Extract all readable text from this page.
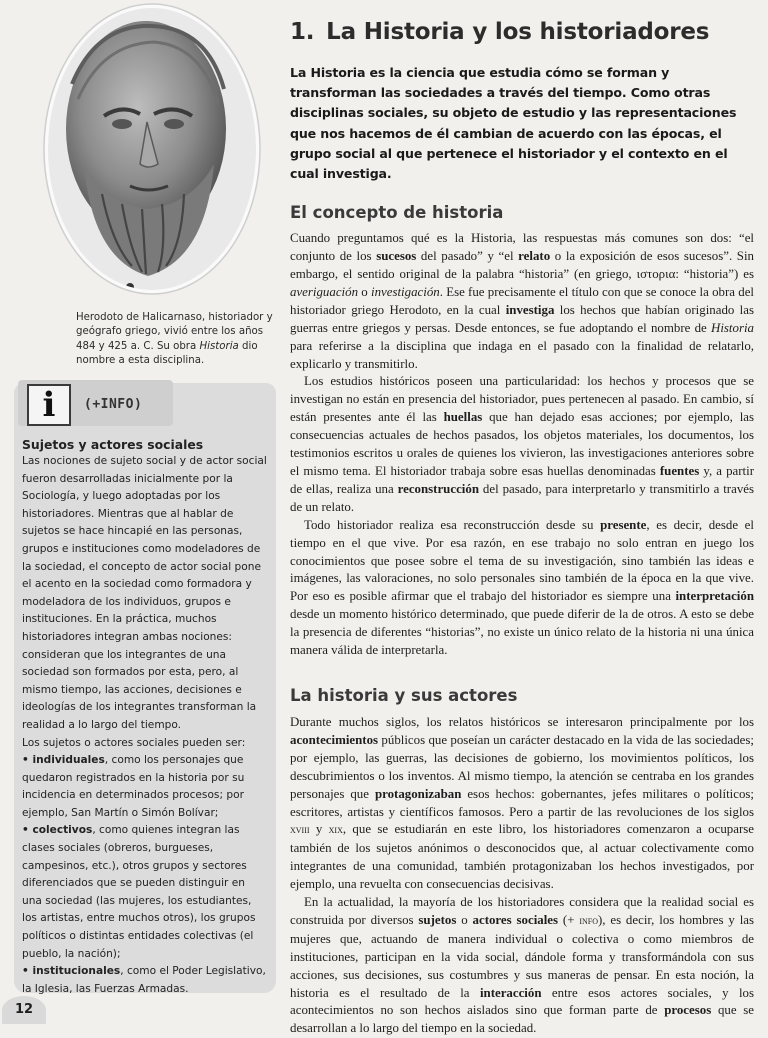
Herodoto de Halicarnaso, historiador y geógrafo griego, vivió entre los años 484 y 425 a. C. Su obra Historia dio nombre a esta disciplina.
i (+INFO)
Sujetos y actores sociales

Las nociones de sujeto social y de actor social fueron desarrolladas inicialmente por la Sociología, y luego adoptadas por los historiadores. Mientras que al hablar de sujetos se hace hincapié en las personas, grupos e instituciones como modeladores de la sociedad, el concepto de actor social pone el acento en la sociedad como formadora y modeladora de los individuos, grupos e instituciones. En la práctica, muchos historiadores integran ambas nociones: consideran que los integrantes de una sociedad son formados por esta, pero, al mismo tiempo, las acciones, decisiones e ideologías de los integrantes transforman la realidad a lo largo del tiempo.

Los sujetos o actores sociales pueden ser:

• individuales, como los personajes que quedaron registrados en la historia por su incidencia en determinados procesos; por ejemplo, San Martín o Simón Bolívar;

• colectivos, como quienes integran las clases sociales (obreros, burgueses, campesinos, etc.), otros grupos y sectores diferenciados que se pueden distinguir en una sociedad (las mujeres, los estudiantes, los artistas, entre muchos otros), los grupos políticos o distintas entidades colectivas (el pueblo, la nación);

• institucionales, como el Poder Legislativo, la Iglesia, las Fuerzas Armadas.

12
1. La Historia y los historiadores

La Historia es la ciencia que estudia cómo se forman y transforman las sociedades a través del tiempo. Como otras disciplinas sociales, su objeto de estudio y las representaciones que nos hacemos de él cambian de acuerdo con las épocas, el grupo social al que pertenece el historiador y el contexto en el cual investiga.

El concepto de historia

Cuando preguntamos qué es la Historia, las respuestas más comunes son dos: “el conjunto de los sucesos del pasado” y “el relato o la exposición de esos sucesos”. Sin embargo, el sentido original de la palabra “historia” (en griego, ιστορια: “historia”) es averiguación o investigación. Ese fue precisamente el título con que se conoce la obra del historiador griego Herodoto, en la cual investiga los hechos que habían originado las guerras entre griegos y persas. Desde entonces, se fue adoptando el nombre de Historia para referirse a la disciplina que indaga en el pasado con la finalidad de relatarlo, explicarlo y transmitirlo.

Los estudios históricos poseen una particularidad: los hechos y procesos que se investigan no están en presencia del historiador, pues pertenecen al pasado. En cambio, sí están presentes ante él las huellas que han dejado esas acciones; por ejemplo, las consecuencias actuales de hechos pasados, los objetos materiales, los documentos, los testimonios escritos u orales de quienes los vivieron, las investigaciones anteriores sobre el mismo tema. El historiador trabaja sobre esas huellas denominadas fuentes y, a partir de ellas, realiza una reconstrucción del pasado, para interpretarlo y transmitirlo a través de un relato.

Todo historiador realiza esa reconstrucción desde su presente, es decir, desde el tiempo en el que vive. Por esa razón, en ese trabajo no solo entran en juego los conocimientos que posee sobre el tema de su investigación, sino también las ideas e imágenes, las valoraciones, no solo personales sino también de la época en la que vive. Por eso es posible afirmar que el trabajo del historiador es siempre una interpretación desde un momento histórico determinado, que puede diferir de la de otros. A esto se debe la presencia de diferentes “historias”, no existe un único relato de la historia ni una única manera válida de interpretarla.

La historia y sus actores

Durante muchos siglos, los relatos históricos se interesaron principalmente por los acontecimientos públicos que poseían un carácter destacado en la vida de las sociedades; por ejemplo, las guerras, las decisiones de gobierno, los movimientos políticos, los descubrimientos o los inventos. Al mismo tiempo, la atención se centraba en los grandes personajes que protagonizaban esos hechos: gobernantes, jefes militares o políticos; escritores, artistas y científicos famosos. Pero a partir de las revoluciones de los siglos xviii y xix, que se estudiarán en este libro, los historiadores comenzaron a ocuparse también de los sujetos anónimos o desconocidos que, al actuar colectivamente como integrantes de una comunidad, también protagonizaban los hechos investigados, por ejemplo, una revuelta con consecuencias decisivas.

En la actualidad, la mayoría de los historiadores considera que la realidad social es construida por diversos sujetos o actores sociales (+ info), es decir, los hombres y las mujeres que, actuando de manera individual o colectiva o como miembros de instituciones, participan en la vida social, dándole forma y transformándola con sus acciones, sus decisiones, sus costumbres y sus maneras de pensar. En esta noción, la historia es el resultado de la interacción entre esos actores sociales, y los acontecimientos no son hechos aislados sino que forman parte de procesos que se desarrollan a lo largo del tiempo en la sociedad.
